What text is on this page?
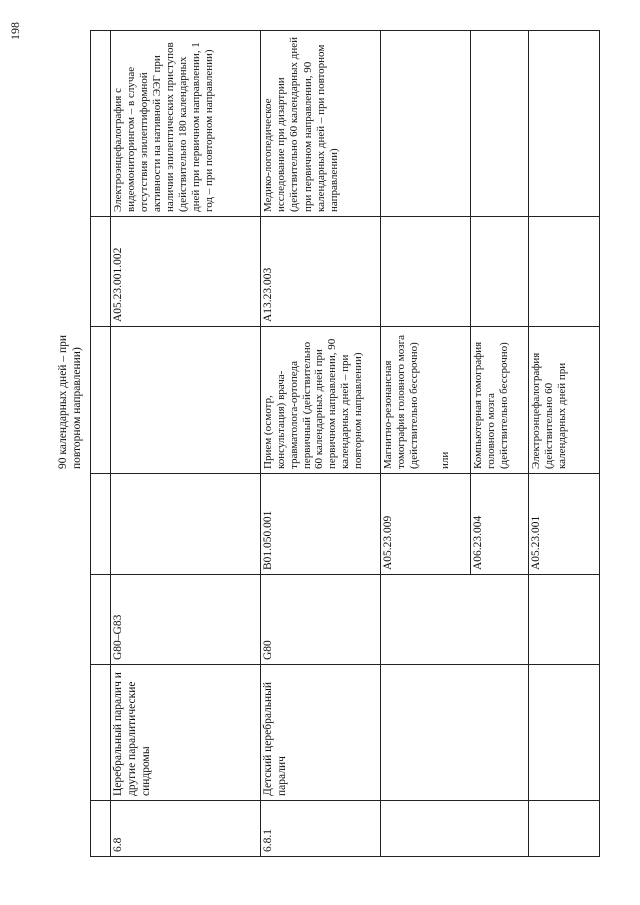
198
90 календарных дней – при повторном направлении)
6.8
Церебральный паралич и другие паралитические синдромы
G80–G83
A05.23.001.002
Электроэнцефалография с видеомониторингом – в случае отсутствия эпилептиформной активности на нативной ЭЭГ при наличии эпилептических приступов (действительно 180 календарных дней при первичном направлении, 1 год – при повторном направлении)
6.8.1
Детский церебральный паралич
G80
B01.050.001
Прием (осмотр, консультация) врача-травматолога-ортопеда первичный (действительно 60 календарных дней при первичном направлении, 90 календарных дней – при повторном направлении)
A13.23.003
Медико-логопедическое исследование при дизартрии (действительно 60 календарных дней при первичном направлении, 90 календарных дней – при повторном направлении)
A05.23.009
Магнитно-резонансная томография головного мозга (действительно бессрочно)	или
A06.23.004
Компьютерная томография головного мозга (действительно бессрочно)
A05.23.001
Электроэнцефалография (действительно 60 календарных дней при
